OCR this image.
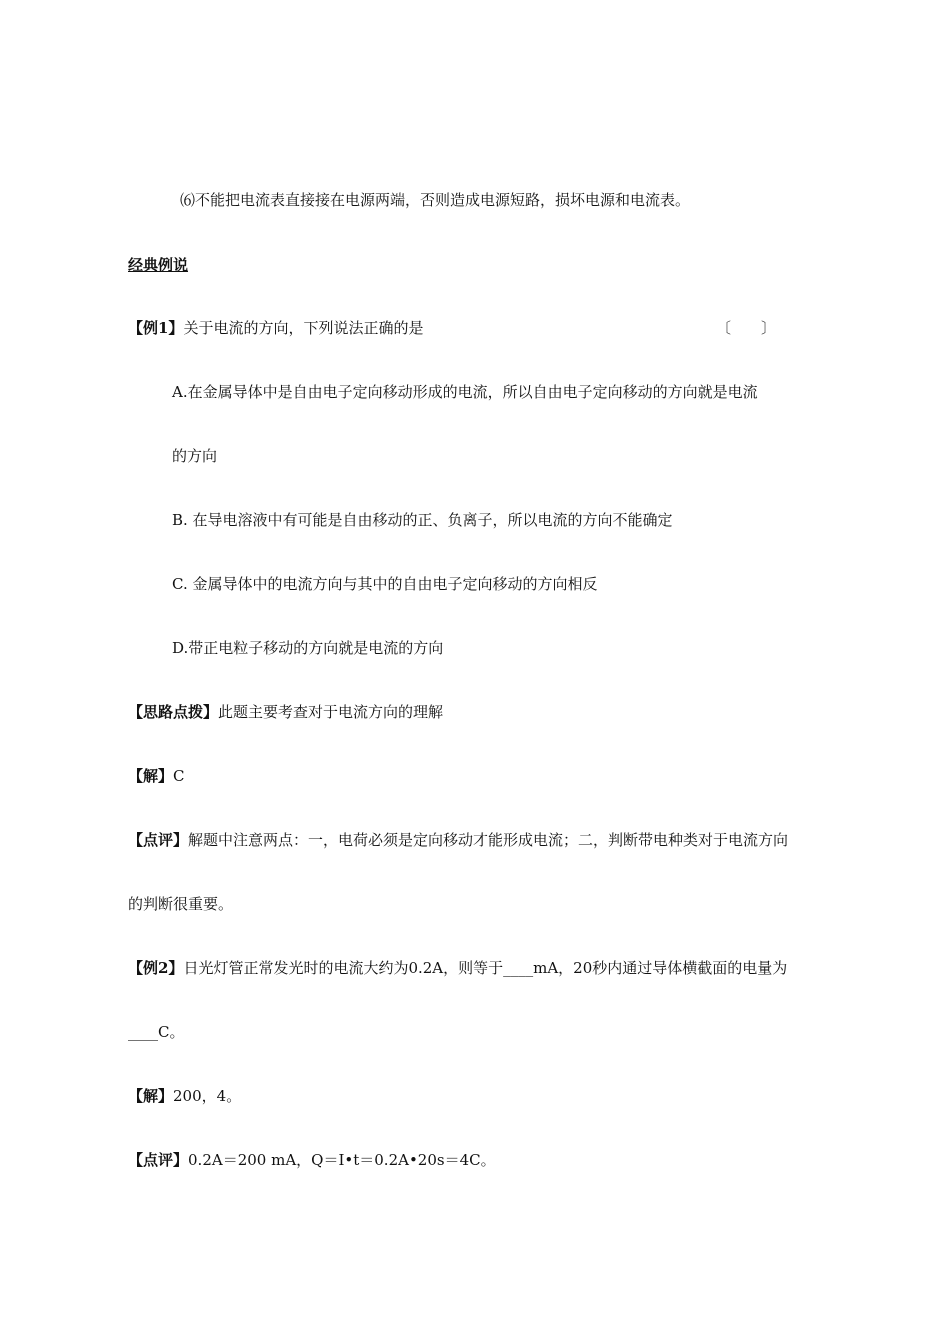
⑹不能把电流表直接接在电源两端，否则造成电源短路，损坏电源和电流表。
经典例说
【例1】关于电流的方向，下列说法正确的是	〔　　〕
A.在金属导体中是自由电子定向移动形成的电流，所以自由电子定向移动的方向就是电流
的方向
B. 在导电溶液中有可能是自由移动的正、负离子，所以电流的方向不能确定
C. 金属导体中的电流方向与其中的自由电子定向移动的方向相反
D.带正电粒子移动的方向就是电流的方向
【思路点拨】此题主要考查对于电流方向的理解
【解】C
【点评】解题中注意两点：一，电荷必须是定向移动才能形成电流；二，判断带电种类对于电流方向
的判断很重要。
【例2】日光灯管正常发光时的电流大约为0.2A，则等于____mA，20秒内通过导体横截面的电量为
____C。
【解】200，4。
【点评】0.2A＝200 mA，Q＝I•t＝0.2A•20s＝4C。
